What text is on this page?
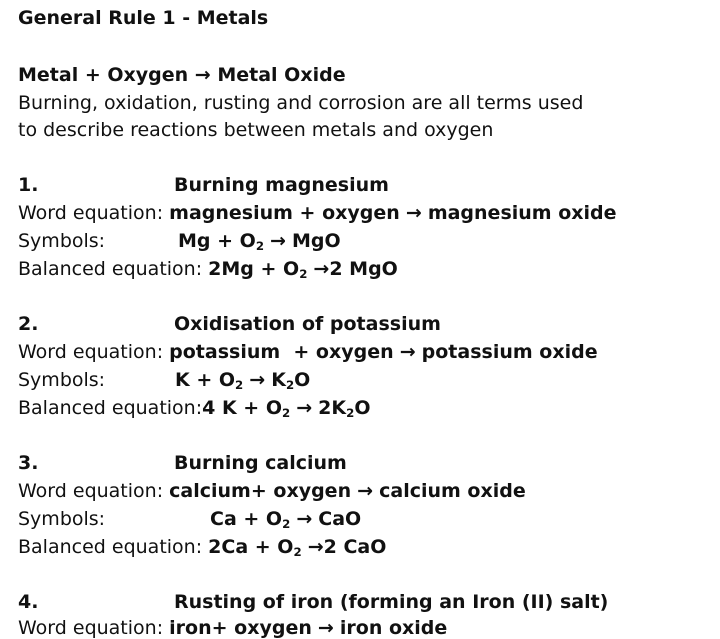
General Rule 1 - Metals
Metal + Oxygen → Metal Oxide
Burning, oxidation, rusting and corrosion are all terms used
to describe reactions between metals and oxygen
1.	Burning magnesium
Word equation: magnesium + oxygen → magnesium oxide
Symbols:	$Mg + O_2$ → MgO
Balanced equation: $2Mg + O_2 \to 2$ MgO
2.	Oxidisation of potassium
Word equation: potassium  + oxygen → potassium oxide
Symbols:	$K + O_2 \to K_2O$
Balanced equation:4 $K + O_2 \to 2K_2O$
3.	Burning calcium
Word equation: calcium+ oxygen → calcium oxide
Symbols:	$Ca + O_2$ → CaO
Balanced equation: $2Ca + O_2 \to 2$ CaO
4.	Rusting of iron (forming an Iron (II) salt)
Word equation: iron+ oxygen → iron oxide
